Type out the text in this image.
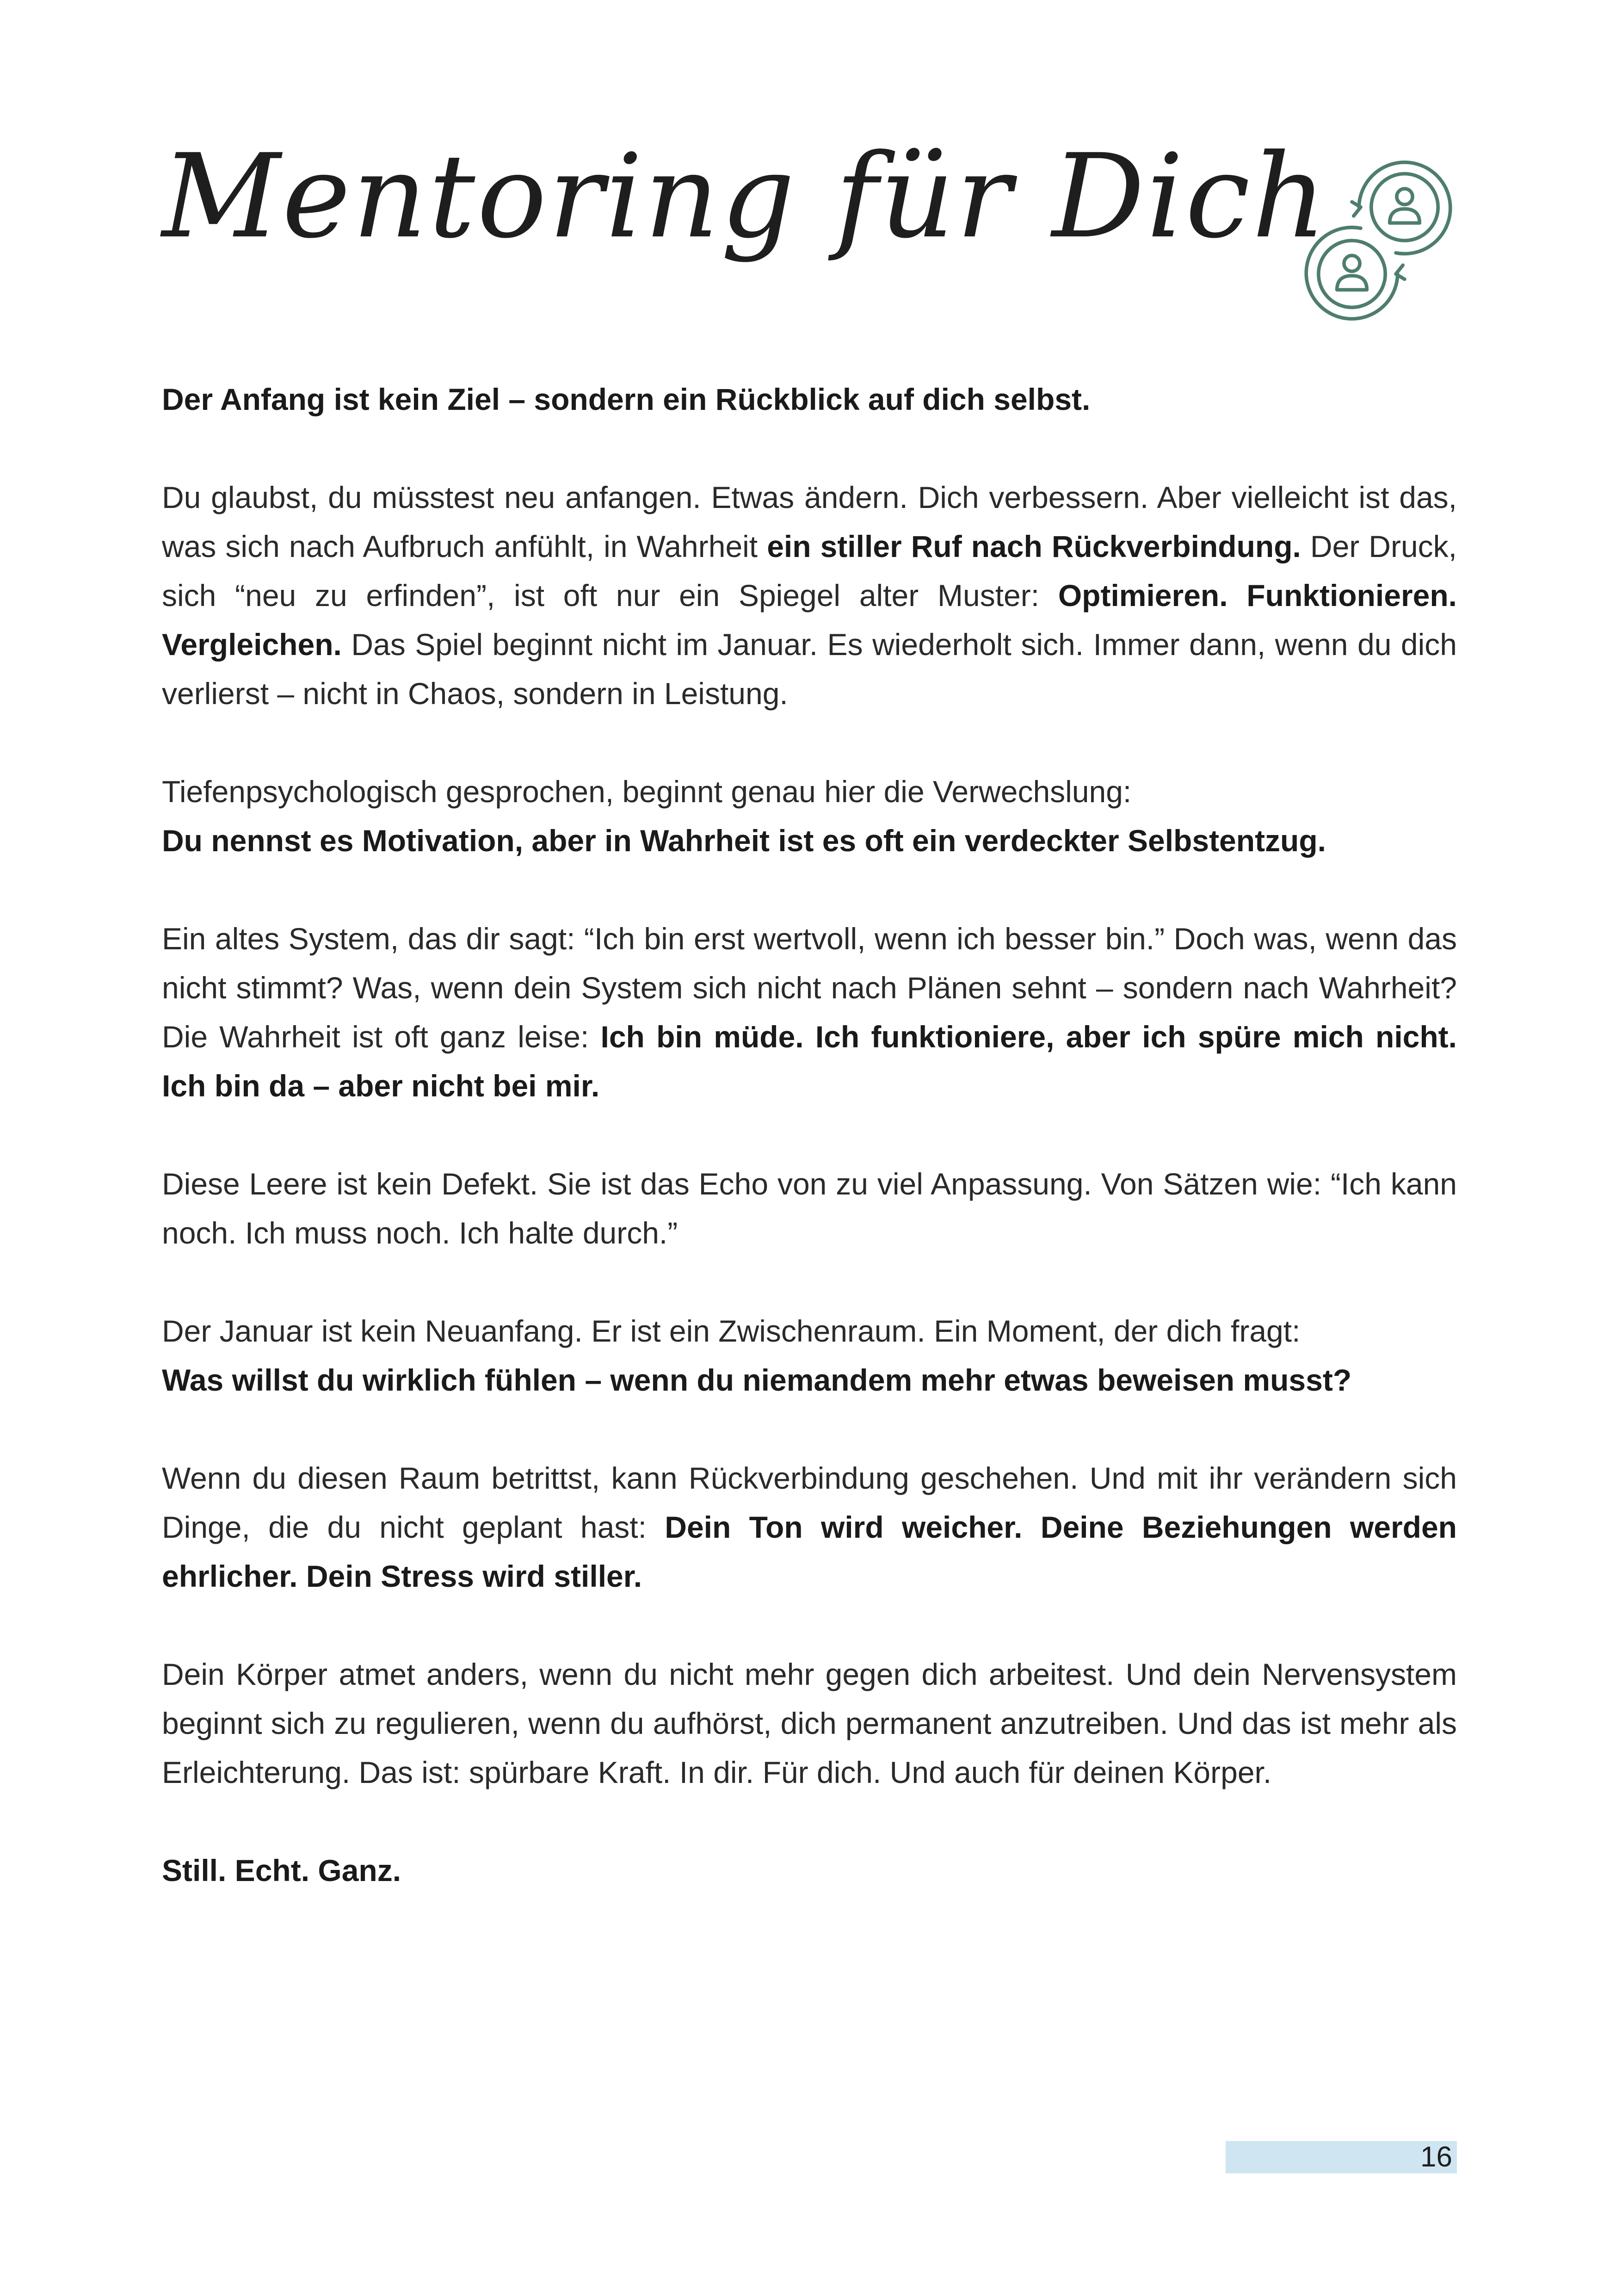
Mentoring für Dich

Der Anfang ist kein Ziel – sondern ein Rückblick auf dich selbst.

Du glaubst, du müsstest neu anfangen. Etwas ändern. Dich verbessern. Aber vielleicht ist das, was sich nach Aufbruch anfühlt, in Wahrheit ein stiller Ruf nach Rückverbindung. Der Druck, sich “neu zu erfinden”, ist oft nur ein Spiegel alter Muster: Optimieren. Funktionieren. Vergleichen. Das Spiel beginnt nicht im Januar. Es wiederholt sich. Immer dann, wenn du dich verlierst – nicht in Chaos, sondern in Leistung.

Tiefenpsychologisch gesprochen, beginnt genau hier die Verwechslung:
Du nennst es Motivation, aber in Wahrheit ist es oft ein verdeckter Selbstentzug.

Ein altes System, das dir sagt: “Ich bin erst wertvoll, wenn ich besser bin.” Doch was, wenn das nicht stimmt? Was, wenn dein System sich nicht nach Plänen sehnt – sondern nach Wahrheit? Die Wahrheit ist oft ganz leise: Ich bin müde. Ich funktioniere, aber ich spüre mich nicht. Ich bin da – aber nicht bei mir.

Diese Leere ist kein Defekt. Sie ist das Echo von zu viel Anpassung. Von Sätzen wie: “Ich kann noch. Ich muss noch. Ich halte durch.”

Der Januar ist kein Neuanfang. Er ist ein Zwischenraum. Ein Moment, der dich fragt:
Was willst du wirklich fühlen – wenn du niemandem mehr etwas beweisen musst?

Wenn du diesen Raum betrittst, kann Rückverbindung geschehen. Und mit ihr verändern sich Dinge, die du nicht geplant hast: Dein Ton wird weicher. Deine Beziehungen werden ehrlicher. Dein Stress wird stiller.

Dein Körper atmet anders, wenn du nicht mehr gegen dich arbeitest. Und dein Nervensystem beginnt sich zu regulieren, wenn du aufhörst, dich permanent anzutreiben. Und das ist mehr als Erleichterung. Das ist: spürbare Kraft. In dir. Für dich. Und auch für deinen Körper.

Still. Echt. Ganz.

16
